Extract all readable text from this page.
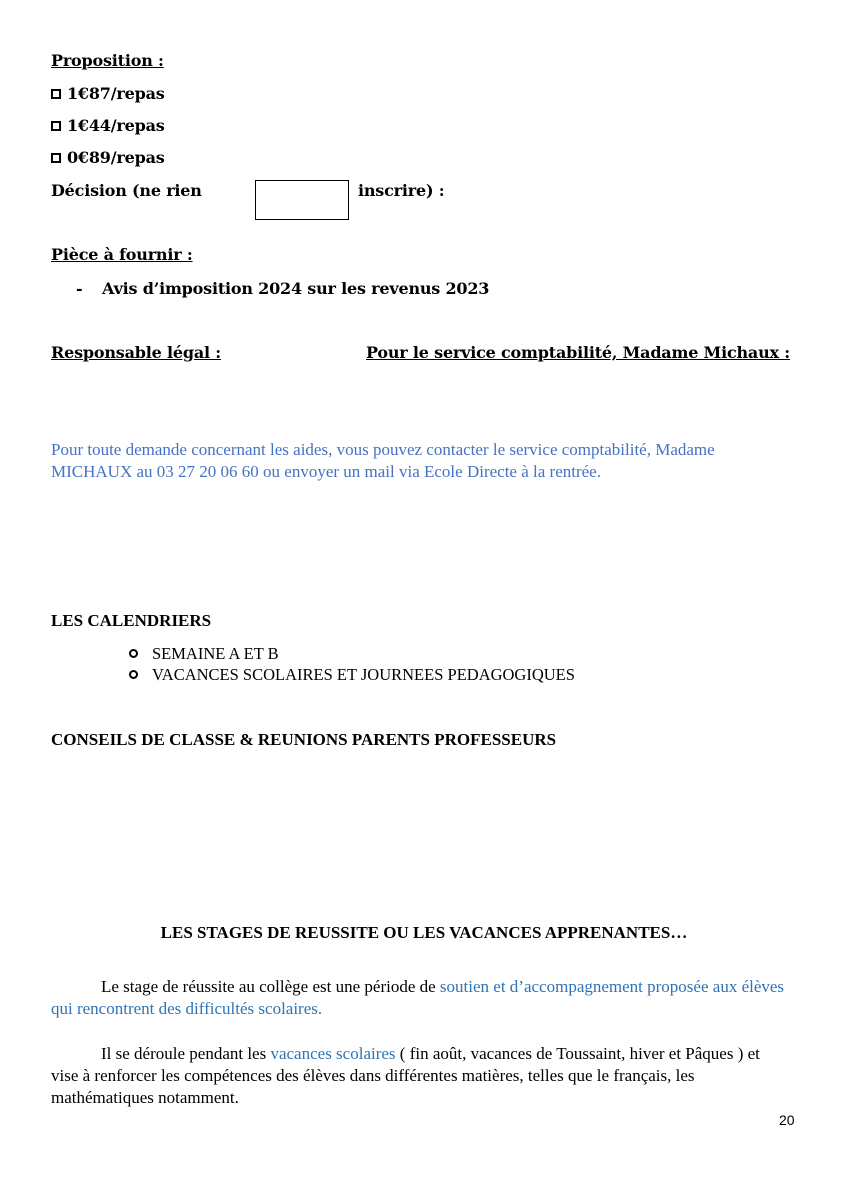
Proposition :
1€87/repas
1€44/repas
0€89/repas
Décision (ne rien	inscrire) :
Pièce à fournir :
- Avis d’imposition 2024 sur les revenus 2023
Responsable légal :	Pour le service comptabilité, Madame Michaux :
Pour toute demande concernant les aides, vous pouvez contacter le service comptabilité, Madame
MICHAUX au 03 27 20 06 60 ou envoyer un mail via Ecole Directe à la rentrée.
LES CALENDRIERS
SEMAINE A ET B
VACANCES SCOLAIRES ET JOURNEES PEDAGOGIQUES
CONSEILS DE CLASSE & REUNIONS PARENTS PROFESSEURS
LES STAGES DE REUSSITE OU LES VACANCES APPRENANTES…
Le stage de réussite au collège est une période de soutien et d’accompagnement proposée aux élèves qui rencontrent des difficultés scolaires.
Il se déroule pendant les vacances scolaires ( fin août, vacances de Toussaint, hiver et Pâques ) et vise à renforcer les compétences des élèves dans différentes matières, telles que le français, les mathématiques notamment.
20
